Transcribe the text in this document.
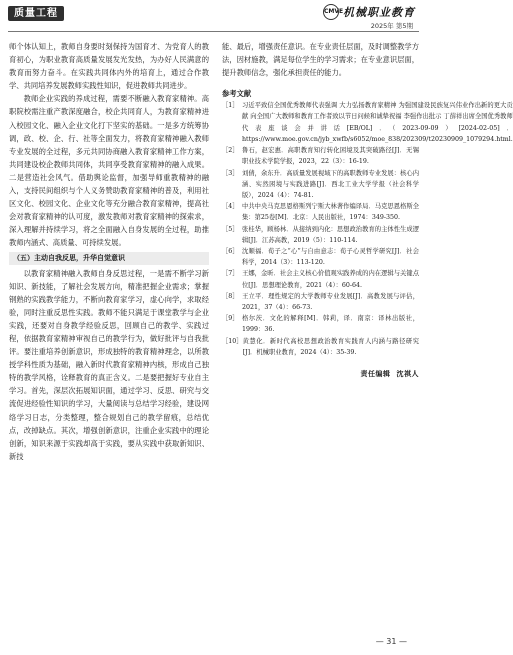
质量工程	CMVE 机械职业教育
2025年 第5期

师个体认知上，教师自身要时刻保持为国育才、为党育人的教育初心，为职业教育高质量发展发光发热，为办好人民满意的教育而努力奋斗。在实践共同体内外的培育上，通过合作教学、共同培养发展教师实践性知识，促进教师共同进步。

教师企业实践的养成过程，需要不断融入教育家精神。高职院校需注重产教深度融合，校企共同育人，为教育家精神进入校园文化、融入企业文化打下坚实的基础。一是多方统筹协调，政、校、企、行、社等全面发力，将教育家精神融入教师专业发展的全过程，多元共同协商融入教育家精神工作方案，共同建设校企教师共同体，共同享受教育家精神的融入成果。二是营造社会风气。借助舆论监督，加强导师重教精神的融入，支持民间组织与个人义务赞助教育家精神的普及，利用社区文化、校园文化、企业文化等充分融合教育家精神，提高社会对教育家精神的认可度，激发教师对教育家精神的探索求，深入理解并持续学习，将之全面融入自身发展的全过程，助推教师内涵式、高质量、可持续发展。

（五）主动自我反思，升华自觉意识

以教育家精神融入教师自身反思过程，一是需不断学习新知识、新技能，了解社会发展方向，精准把握企业需求；掌握钢熟的实践教学能力，不断向教育家学习，虚心向学，求取经验，同时注重反思性实践。教师不能只满足于课堂教学与企业实践，还要对自身教学经验反思，回顾自己的教学、实践过程，依据教育家精神审视自己的教学行为，做好批评与自我批评。要注重培养创新意识，形成独特的教育精神理念，以所教授学科性质为基础，融入新时代教育家精神内核，形成自己独特的教学风格，诠释教育的真正含义。二是要把握好专业自主学习。首先，深层次拓展知识面，通过学习、反思、研究与交流促进经验性知识的学习，大量阅读与总结学习经验，建设网络学习日志，分类整理，整合规划自己的教学留痕，总结优点，改掉缺点。其次，增强创新意识，注重企业实践中的理论创新，知识来源于实践却高于实践，要从实践中获取新知识、新技

能、最后，增强责任意识。在专业责任层面，及时调整教学方法，因材施教，满足每位学生的学习需求；在专业意识层面，提升教师信念，强化承担责任的能力。

参考文献
［1］ 习近平致信全国优秀教师代表强调 大力弘扬教育家精神 为强国建设民族复兴伟业作出新的更大贡献 向全国广大教师和教育工作者致以节日问候和诚挚祝福 李强作出批示 丁薛祥出席全国优秀教师代表座谈会并讲话[EB/OL]．（2023-09-09）[2024-02-05]．https://www.moe.gov.cn/jyb_xwfb/s6052/moe_838/202309/t20230909_1079294.html.
［2］ 鲁石，赵宏惠．高职教育知行转化困境及其突破路径[J]．无锡职业技术学院学报，2023，22（3）：16-19.
［3］ 刘倩，余东升．高质量发展视域下的高职教师专业发展：核心内涵、实然困境与实践进路[J]．西北工业大学学报（社会科学版），2024（4）：74-81.
［4］ 中共中央马克思恩格斯列宁斯大林著作编译局．马克思恩格斯全集：第25卷[M]．北京：人民出版社，1974：349-350.
［5］ 张桂华，顾杨林．从接纳到内化：思想政治教育的主体性生成逻辑[J]．江苏高教，2019（5）：110-114.
［6］ 沈顺福．荀子之“心”与自由意志：荀子心灵哲学研究[J]．社会科学，2014（3）：113-120.
［7］ 王娜，金昕．社会主义核心价值观实践养成的内在逻辑与关键点位[J]．思想理论教育，2021（4）：60-64.
［8］ 王立平．理性规定的大学教师专业发展[J]．高教发展与评估，2021，37（4）：66-73.
［9］ 格尔茨．文化的解释[M]．韩莉，译．南京：译林出版社，1999：36.
［10］ 黄慧化．新时代高校思想政治教育实践育人内涵与路径研究[J]．机械职业教育，2024（4）：35-39.
责任编辑 沈祺人
— 31 —
